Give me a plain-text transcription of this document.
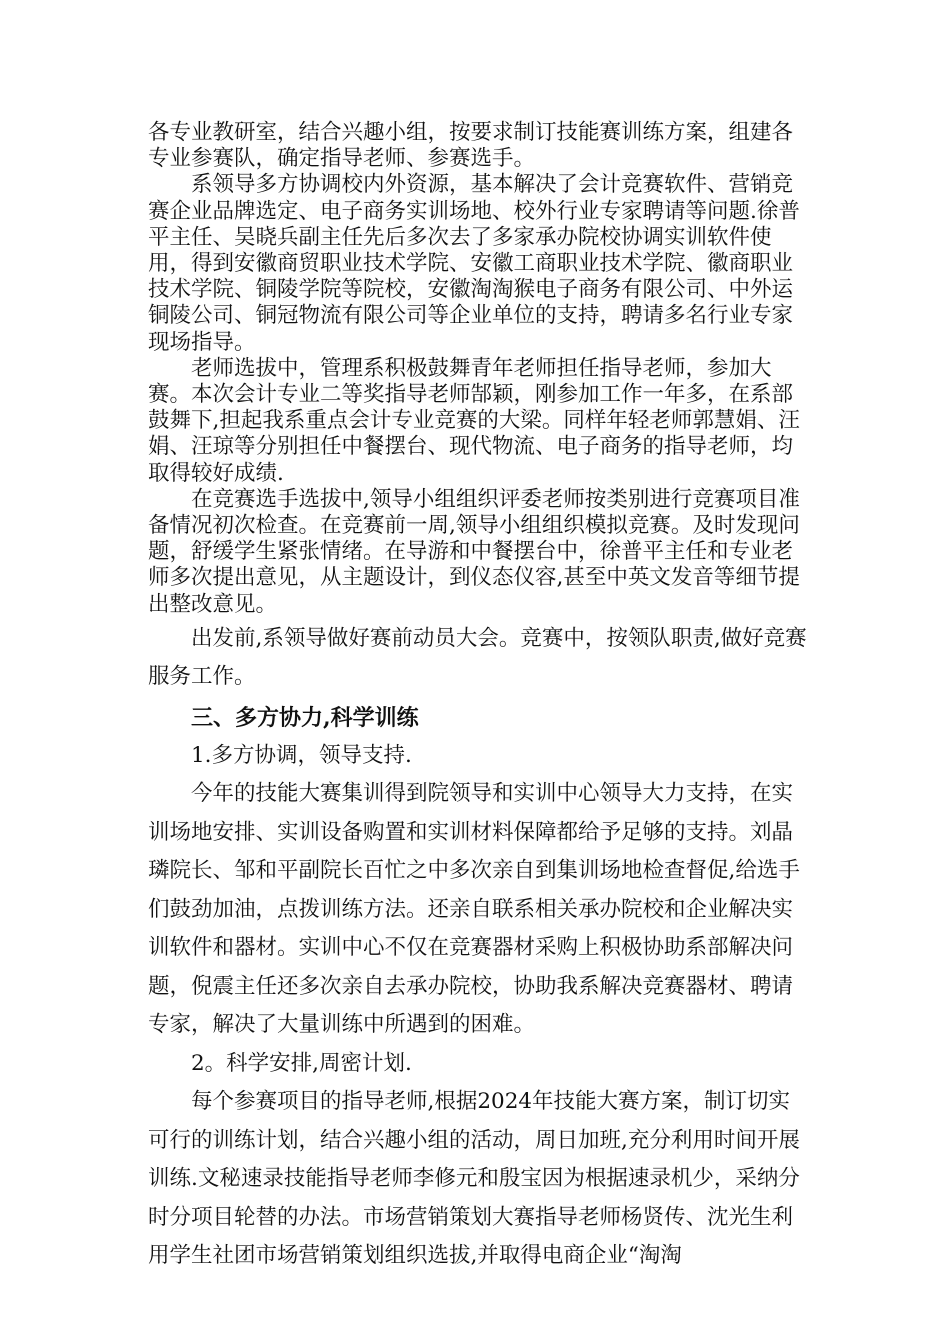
各专业教研室，结合兴趣小组，按要求制订技能赛训练方案，组建各专业参赛队，确定指导老师、参赛选手。

系领导多方协调校内外资源，基本解决了会计竞赛软件、营销竞赛企业品牌选定、电子商务实训场地、校外行业专家聘请等问题.徐普平主任、吴晓兵副主任先后多次去了多家承办院校协调实训软件使用，得到安徽商贸职业技术学院、安徽工商职业技术学院、徽商职业技术学院、铜陵学院等院校，安徽淘淘猴电子商务有限公司、中外运铜陵公司、铜冠物流有限公司等企业单位的支持，聘请多名行业专家现场指导。

老师选拔中，管理系积极鼓舞青年老师担任指导老师，参加大赛。本次会计专业二等奖指导老师郜颖，刚参加工作一年多，在系部鼓舞下,担起我系重点会计专业竞赛的大梁。同样年轻老师郭慧娟、汪娟、汪琼等分别担任中餐摆台、现代物流、电子商务的指导老师，均取得较好成绩.

在竞赛选手选拔中,领导小组组织评委老师按类别进行竞赛项目准备情况初次检查。在竞赛前一周,领导小组组织模拟竞赛。及时发现问题，舒缓学生紧张情绪。在导游和中餐摆台中，徐普平主任和专业老师多次提出意见，从主题设计，到仪态仪容,甚至中英文发音等细节提出整改意见。

出发前,系领导做好赛前动员大会。竞赛中，按领队职责,做好竞赛服务工作。

三、多方协力,科学训练

1.多方协调，领导支持.

今年的技能大赛集训得到院领导和实训中心领导大力支持，在实训场地安排、实训设备购置和实训材料保障都给予足够的支持。刘晶璘院长、邹和平副院长百忙之中多次亲自到集训场地检查督促,给选手们鼓劲加油，点拨训练方法。还亲自联系相关承办院校和企业解决实训软件和器材。实训中心不仅在竞赛器材采购上积极协助系部解决问题，倪震主任还多次亲自去承办院校，协助我系解决竞赛器材、聘请专家，解决了大量训练中所遇到的困难。

2。科学安排,周密计划.

每个参赛项目的指导老师,根据2024年技能大赛方案，制订切实可行的训练计划，结合兴趣小组的活动，周日加班,充分利用时间开展训练.文秘速录技能指导老师李修元和殷宝因为根据速录机少，采纳分时分项目轮替的办法。市场营销策划大赛指导老师杨贤传、沈光生利用学生社团市场营销策划组织选拔,并取得电商企业“淘淘
